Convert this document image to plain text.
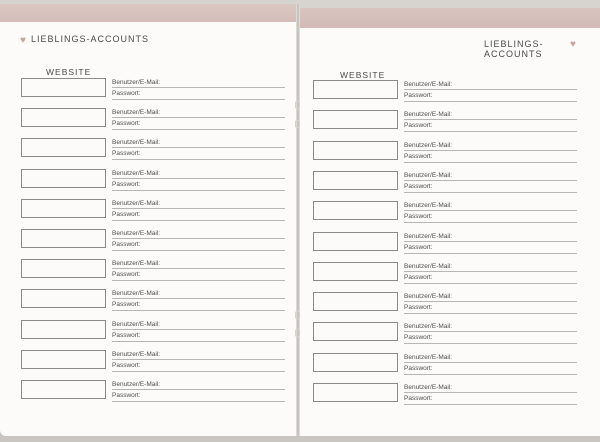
♥ LIEBLINGS-ACCOUNTS
WEBSITE
Benutzer/E-Mail:
Passwort:
Benutzer/E-Mail:
Passwort:
Benutzer/E-Mail:
Passwort:
Benutzer/E-Mail:
Passwort:
Benutzer/E-Mail:
Passwort:
Benutzer/E-Mail:
Passwort:
Benutzer/E-Mail:
Passwort:
Benutzer/E-Mail:
Passwort:
Benutzer/E-Mail:
Passwort:
Benutzer/E-Mail:
Passwort:
Benutzer/E-Mail:
Passwort:
LIEBLINGS-ACCOUNTS
♥
WEBSITE
Benutzer/E-Mail:
Passwort:
Benutzer/E-Mail:
Passwort:
Benutzer/E-Mail:
Passwort:
Benutzer/E-Mail:
Passwort:
Benutzer/E-Mail:
Passwort:
Benutzer/E-Mail:
Passwort:
Benutzer/E-Mail:
Passwort:
Benutzer/E-Mail:
Passwort:
Benutzer/E-Mail:
Passwort:
Benutzer/E-Mail:
Passwort:
Benutzer/E-Mail:
Passwort:
